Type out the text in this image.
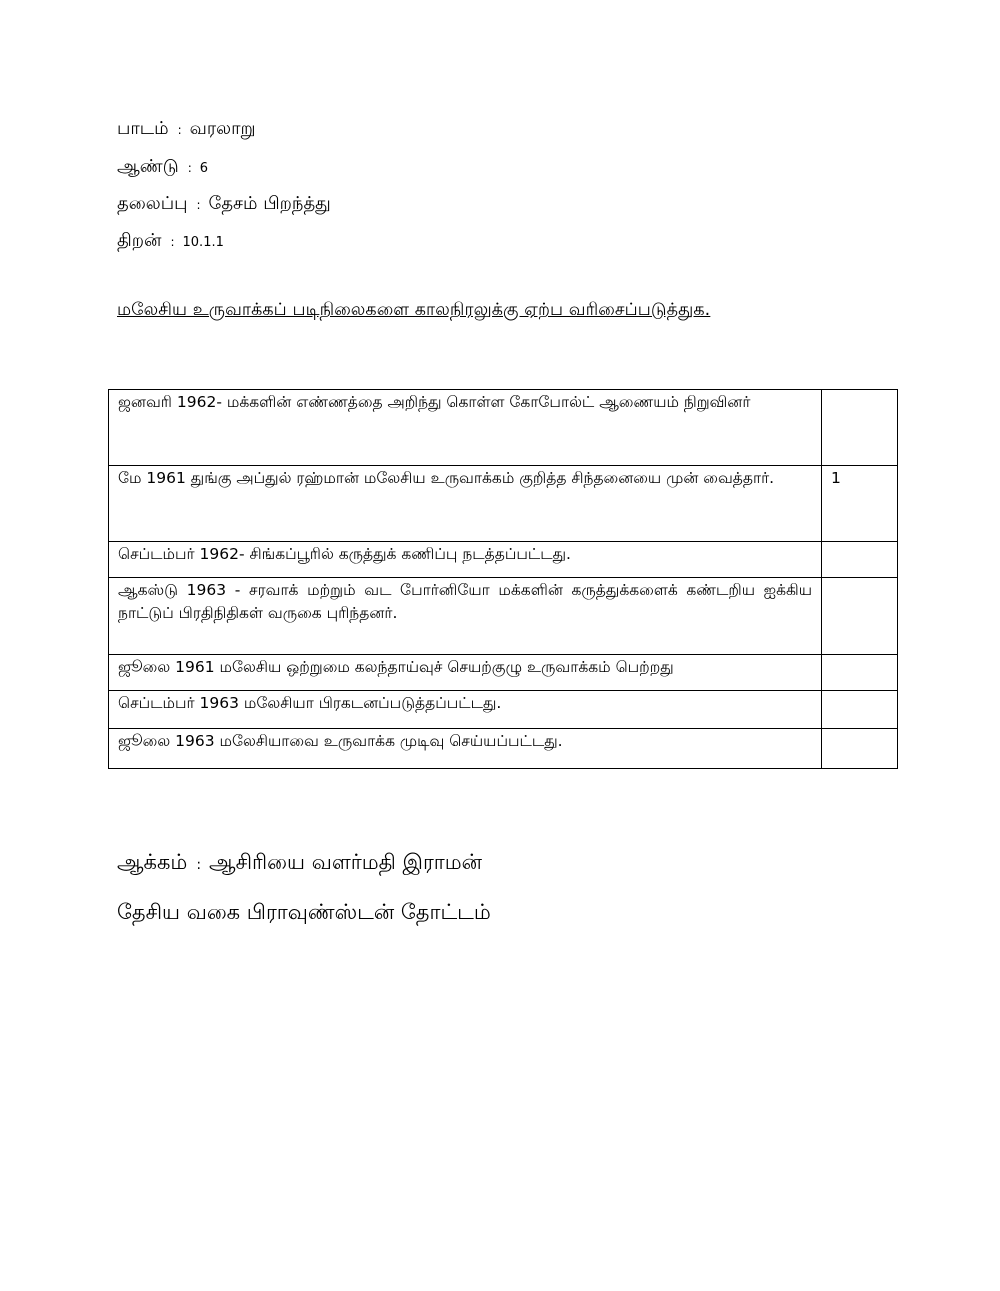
பாடம் : வரலாறு
ஆண்டு : 6
தலைப்பு : தேசம் பிறந்த்து
திறன் : 10.1.1
மலேசிய உருவாக்கப் படிநிலைகளை காலநிரலுக்கு ஏற்ப வரிசைப்படுத்துக.
ஜனவரி 1962- மக்களின் எண்ணத்தை அறிந்து கொள்ள கோபோல்ட் ஆணையம் நிறுவினர்	
மே 1961 துங்கு அப்துல் ரஹ்மான் மலேசிய உருவாக்கம் குறித்த சிந்தனையை முன் வைத்தார்.	1
செப்டம்பர் 1962- சிங்கப்பூரில் கருத்துக் கணிப்பு நடத்தப்பட்டது.	
ஆகஸ்டு 1963 - சரவாக் மற்றும் வட போர்னியோ மக்களின் கருத்துக்களைக் கண்டறிய ஐக்கிய நாட்டுப் பிரதிநிதிகள் வருகை புரிந்தனர்.	
ஜூலை 1961 மலேசிய ஒற்றுமை கலந்தாய்வுச் செயற்குழு உருவாக்கம் பெற்றது	
செப்டம்பர் 1963 மலேசியா பிரகடனப்படுத்தப்பட்டது.	
ஜூலை 1963 மலேசியாவை உருவாக்க முடிவு செய்யப்பட்டது.	
ஆக்கம் : ஆசிரியை வளர்மதி இராமன்
தேசிய வகை பிராவுண்ஸ்டன் தோட்டம்
